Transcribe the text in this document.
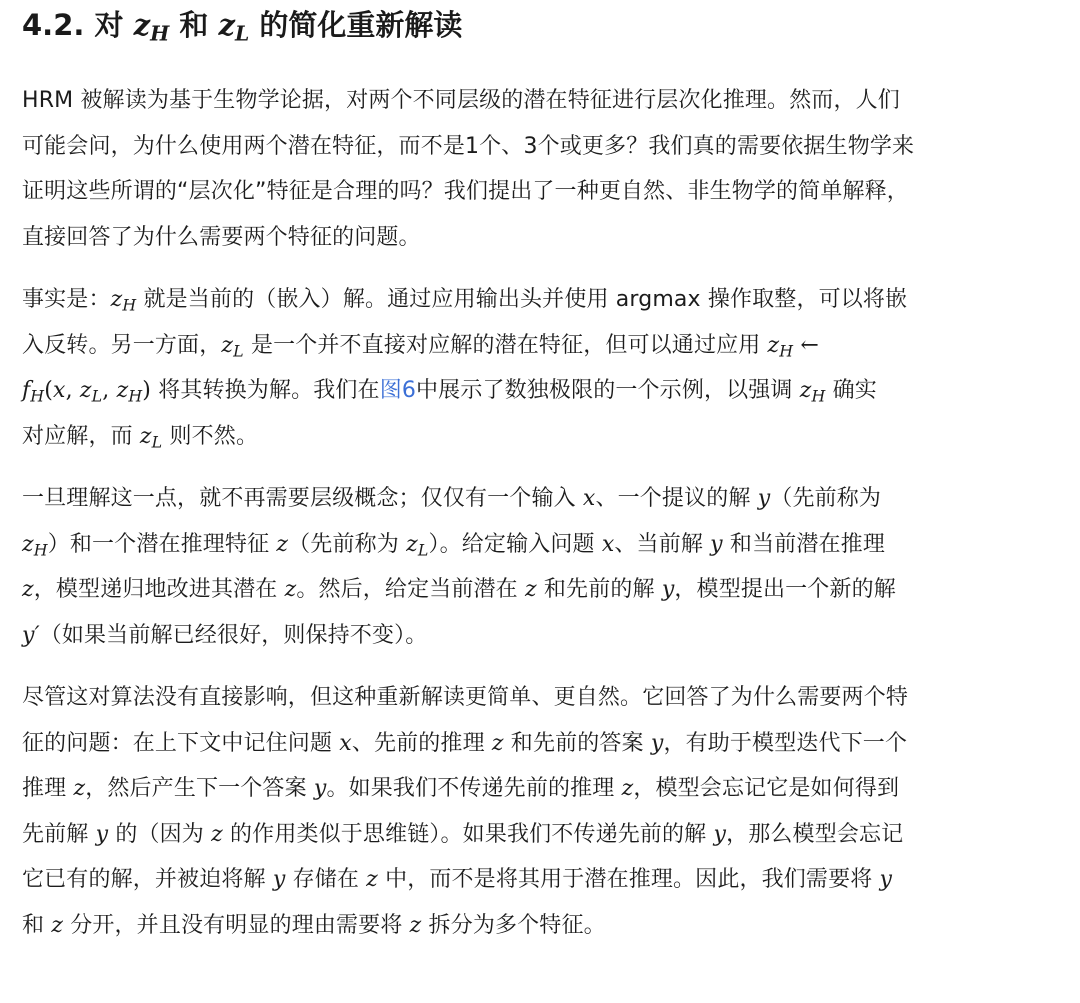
4.2. 对 $z_H$ 和 $z_L$ 的简化重新解读
HRM 被解读为基于生物学论据，对两个不同层级的潜在特征进行层次化推理。然而，人们
可能会问，为什么使用两个潜在特征，而不是1个、3个或更多？我们真的需要依据生物学来
证明这些所谓的“层次化”特征是合理的吗？我们提出了一种更自然、非生物学的简单解释，
直接回答了为什么需要两个特征的问题。
事实是：$z_H$ 就是当前的（嵌入）解。通过应用输出头并使用 argmax 操作取整，可以将嵌
入反转。另一方面，$z_L$ 是一个并不直接对应解的潜在特征，但可以通过应用 $z_H$ ←
$f_H(x$, $z_L$, $z_H$) 将其转换为解。我们在图6中展示了数独极限的一个示例，以强调 $z_H$ 确实
对应解，而 $z_L$ 则不然。
一旦理解这一点，就不再需要层级概念；仅仅有一个输入 x、一个提议的解 y（先前称为
$z_H$）和一个潜在推理特征 z（先前称为 $z_L$）。给定输入问题 x、当前解 y 和当前潜在推理
z，模型递归地改进其潜在 z。然后，给定当前潜在 z 和先前的解 y，模型提出一个新的解
y′（如果当前解已经很好，则保持不变）。
尽管这对算法没有直接影响，但这种重新解读更简单、更自然。它回答了为什么需要两个特
征的问题：在上下文中记住问题 x、先前的推理 z 和先前的答案 y，有助于模型迭代下一个
推理 z，然后产生下一个答案 y。如果我们不传递先前的推理 z，模型会忘记它是如何得到
先前解 y 的（因为 z 的作用类似于思维链）。如果我们不传递先前的解 y，那么模型会忘记
它已有的解，并被迫将解 y 存储在 z 中，而不是将其用于潜在推理。因此，我们需要将 y
和 z 分开，并且没有明显的理由需要将 z 拆分为多个特征。
